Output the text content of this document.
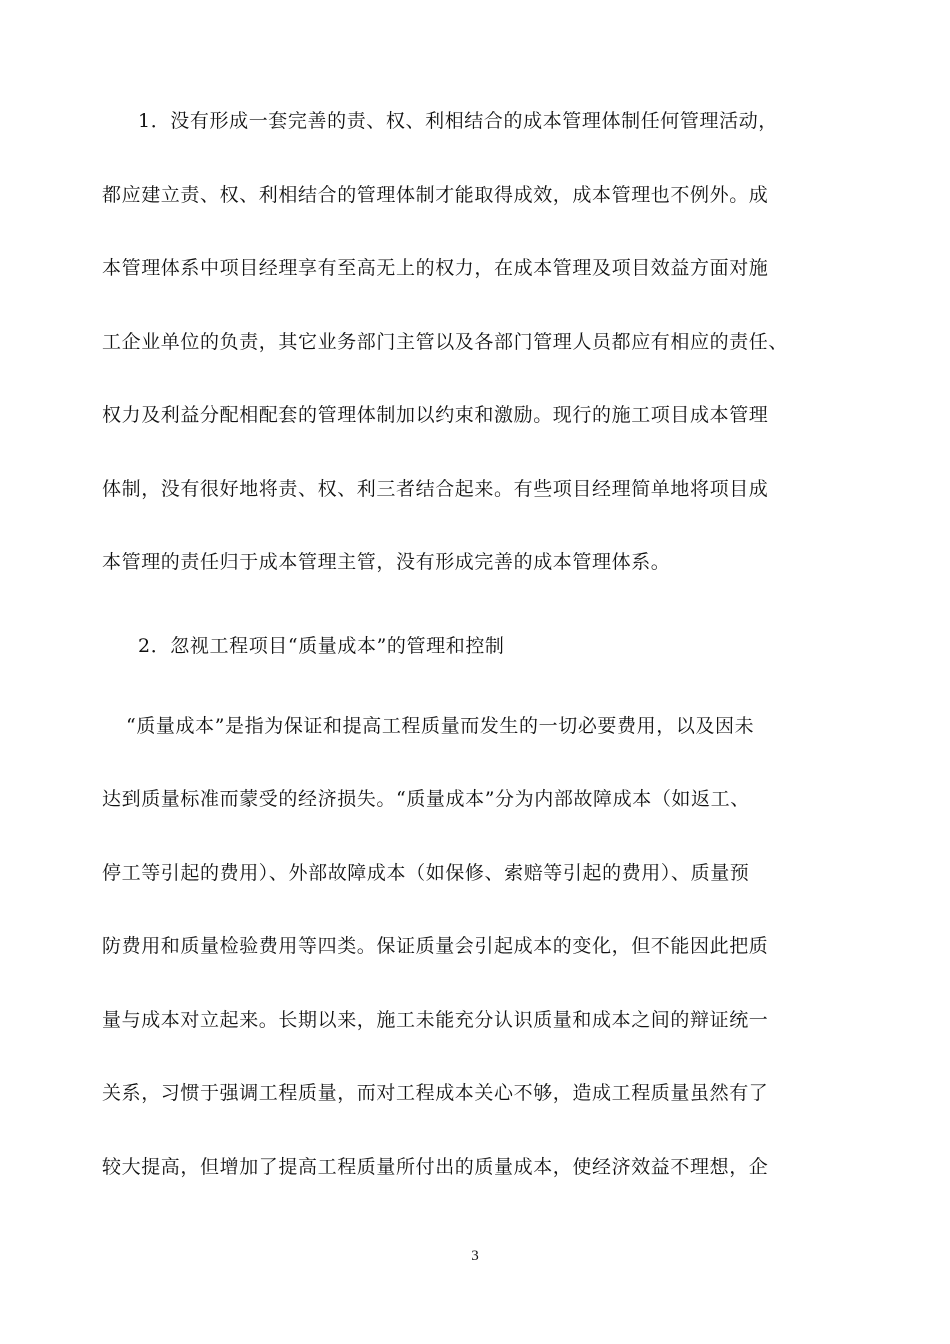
1．没有形成一套完善的责、权、利相结合的成本管理体制任何管理活动，
都应建立责、权、利相结合的管理体制才能取得成效，成本管理也不例外。成
本管理体系中项目经理享有至高无上的权力，在成本管理及项目效益方面对施
工企业单位的负责，其它业务部门主管以及各部门管理人员都应有相应的责任、
权力及利益分配相配套的管理体制加以约束和激励。现行的施工项目成本管理
体制，没有很好地将责、权、利三者结合起来。有些项目经理简单地将项目成
本管理的责任归于成本管理主管，没有形成完善的成本管理体系。
2．忽视工程项目“质量成本”的管理和控制
“质量成本”是指为保证和提高工程质量而发生的一切必要费用，以及因未
达到质量标准而蒙受的经济损失。“质量成本”分为内部故障成本（如返工、
停工等引起的费用）、外部故障成本（如保修、索赔等引起的费用）、质量预
防费用和质量检验费用等四类。保证质量会引起成本的变化，但不能因此把质
量与成本对立起来。长期以来，施工未能充分认识质量和成本之间的辩证统一
关系，习惯于强调工程质量，而对工程成本关心不够，造成工程质量虽然有了
较大提高，但增加了提高工程质量所付出的质量成本，使经济效益不理想，企
3
